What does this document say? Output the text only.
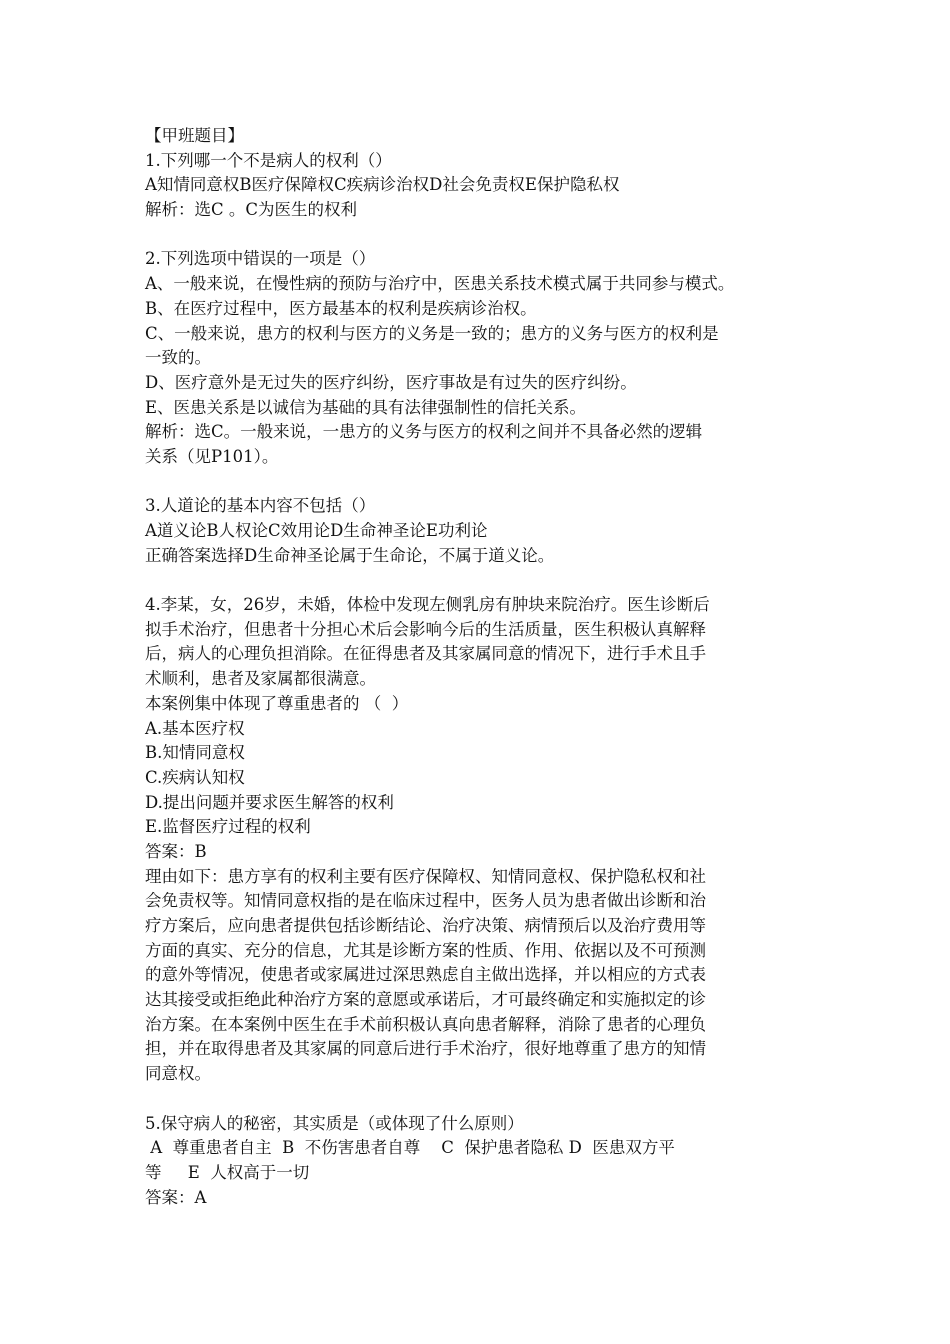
【甲班题目】
1.下列哪一个不是病人的权利（）
A知情同意权B医疗保障权C疾病诊治权D社会免责权E保护隐私权
解析：选C 。C为医生的权利
2.下列选项中错误的一项是（）
A、一般来说，在慢性病的预防与治疗中，医患关系技术模式属于共同参与模式。
B、在医疗过程中，医方最基本的权利是疾病诊治权。
C、一般来说，患方的权利与医方的义务是一致的；患方的义务与医方的权利是
一致的。
D、医疗意外是无过失的医疗纠纷，医疗事故是有过失的医疗纠纷。
E、医患关系是以诚信为基础的具有法律强制性的信托关系。
解析：选C。一般来说，一患方的义务与医方的权利之间并不具备必然的逻辑
关系（见P101）。
3.人道论的基本内容不包括（）
A道义论B人权论C效用论D生命神圣论E功利论
正确答案选择D生命神圣论属于生命论，不属于道义论。
4.李某，女，26岁，未婚，体检中发现左侧乳房有肿块来院治疗。医生诊断后
拟手术治疗，但患者十分担心术后会影响今后的生活质量，医生积极认真解释
后，病人的心理负担消除。在征得患者及其家属同意的情况下，进行手术且手
术顺利，患者及家属都很满意。
本案例集中体现了尊重患者的 （  ）
A.基本医疗权
B.知情同意权
C.疾病认知权
D.提出问题并要求医生解答的权利
E.监督医疗过程的权利
答案：B
理由如下：患方享有的权利主要有医疗保障权、知情同意权、保护隐私权和社
会免责权等。知情同意权指的是在临床过程中，医务人员为患者做出诊断和治
疗方案后，应向患者提供包括诊断结论、治疗决策、病情预后以及治疗费用等
方面的真实、充分的信息，尤其是诊断方案的性质、作用、依据以及不可预测
的意外等情况，使患者或家属进过深思熟虑自主做出选择，并以相应的方式表
达其接受或拒绝此种治疗方案的意愿或承诺后，才可最终确定和实施拟定的诊
治方案。在本案例中医生在手术前积极认真向患者解释，消除了患者的心理负
担，并在取得患者及其家属的同意后进行手术治疗，很好地尊重了患方的知情
同意权。
5.保守病人的秘密，其实质是（或体现了什么原则）
A  尊重患者自主  B  不伤害患者自尊    C  保护患者隐私 D  医患双方平
等     E  人权高于一切
答案：A
